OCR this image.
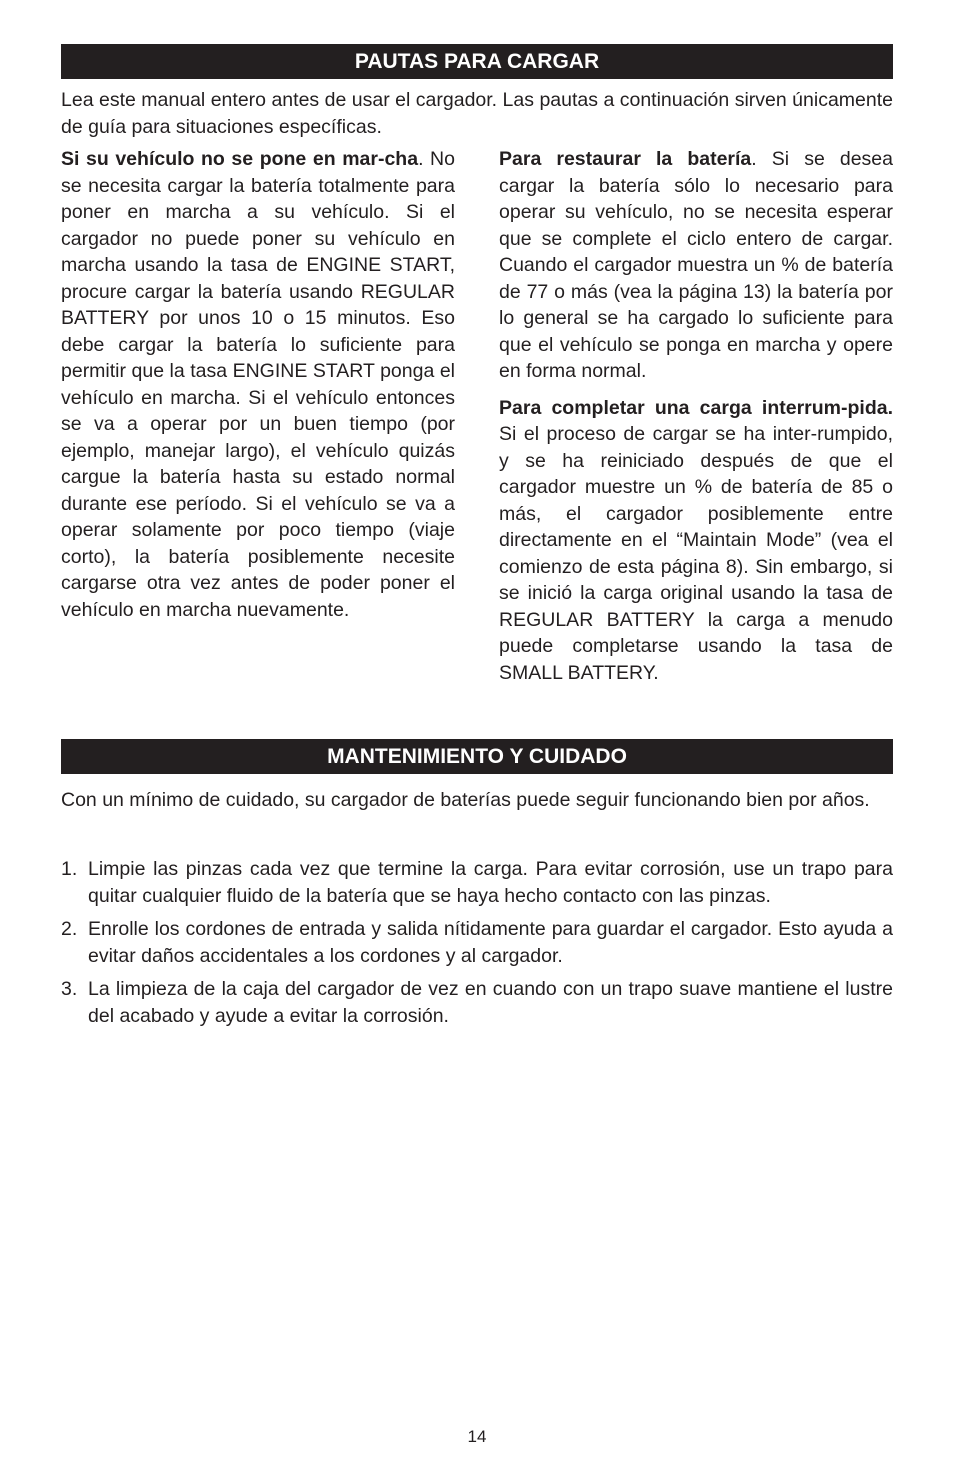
PAUTAS PARA CARGAR

Lea este manual entero antes de usar el cargador. Las pautas a continuación sirven únicamente de guía para situaciones específicas.

Si su vehículo no se pone en mar-cha. No se necesita cargar la batería totalmente para poner en marcha a su vehículo. Si el cargador no puede poner su vehículo en marcha usando la tasa de ENGINE START, procure cargar la batería usando REGULAR BATTERY por unos 10 o 15 minutos. Eso debe cargar la batería lo suficiente para permitir que la tasa ENGINE START ponga el vehículo en marcha. Si el vehículo entonces se va a operar por un buen tiempo (por ejemplo, manejar largo), el vehículo quizás cargue la batería hasta su estado normal durante ese período. Si el vehículo se va a operar solamente por poco tiempo (viaje corto), la batería posiblemente necesite cargarse otra vez antes de poder poner el vehículo en marcha nuevamente.

Para restaurar la batería. Si se desea cargar la batería sólo lo necesario para operar su vehículo, no se necesita esperar que se complete el ciclo entero de cargar. Cuando el cargador muestra un % de batería de 77 o más (vea la página 13) la batería por lo general se ha cargado lo suficiente para que el vehículo se ponga en marcha y opere en forma normal.

Para completar una carga interrum-pida. Si el proceso de cargar se ha inter-rumpido, y se ha reiniciado después de que el cargador muestre un % de batería de 85 o más, el cargador posiblemente entre directamente en el “Maintain Mode” (vea el comienzo de esta página 8). Sin embargo, si se inició la carga original usando la tasa de REGULAR BATTERY la carga a menudo puede completarse usando la tasa de SMALL BATTERY.

MANTENIMIENTO Y CUIDADO

Con un mínimo de cuidado, su cargador de baterías puede seguir funcionando bien por años.

1. Limpie las pinzas cada vez que termine la carga. Para evitar corrosión, use un trapo para quitar cualquier fluido de la batería que se haya hecho contacto con las pinzas.
2. Enrolle los cordones de entrada y salida nítidamente para guardar el cargador. Esto ayuda a evitar daños accidentales a los cordones y al cargador.
3. La limpieza de la caja del cargador de vez en cuando con un trapo suave mantiene el lustre del acabado y ayude a evitar la corrosión.
14
